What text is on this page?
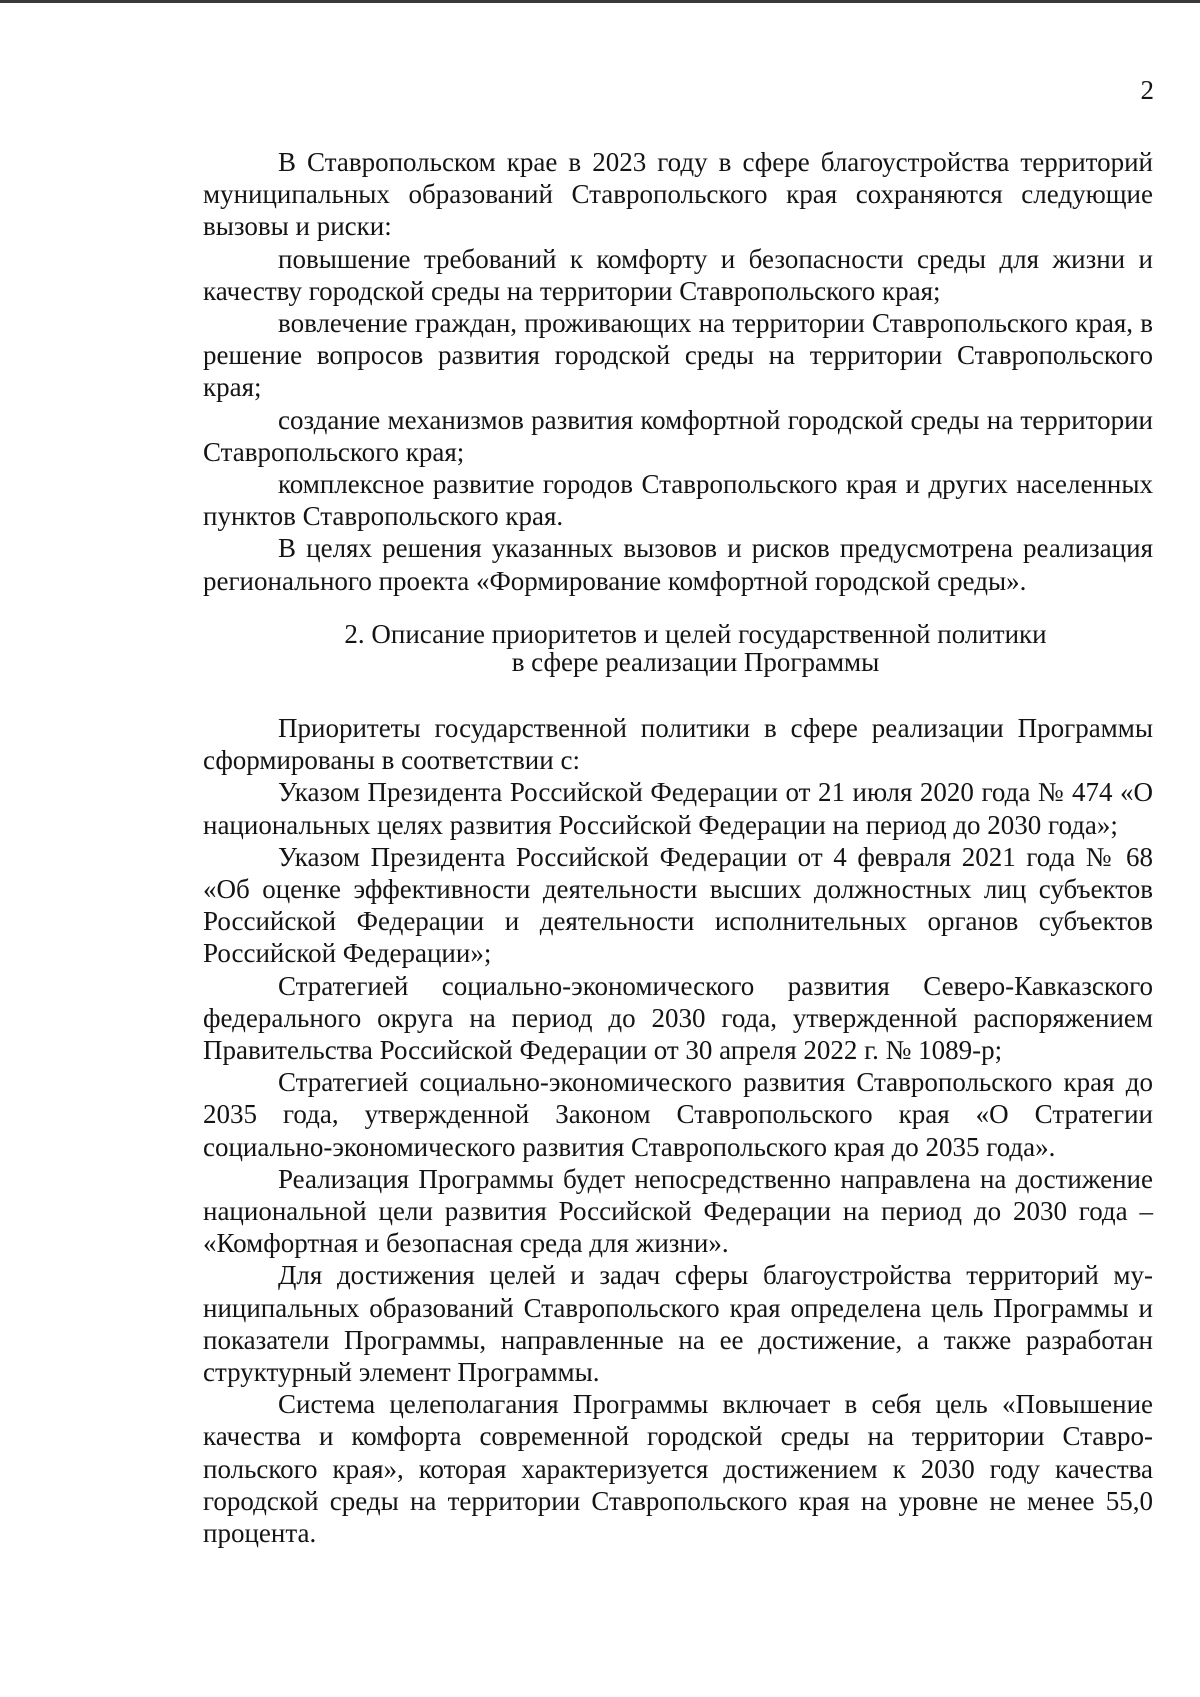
2

В Ставропольском крае в 2023 году в сфере благоустройства территорий муниципальных образований Ставропольского края сохраняются следующие вызовы и риски:

повышение требований к комфорту и безопасности среды для жизни и качеству городской среды на территории Ставропольского края;

вовлечение граждан, проживающих на территории Ставропольского края, в решение вопросов развития городской среды на территории Ставропольского края;

создание механизмов развития комфортной городской среды на территории Ставропольского края;

комплексное развитие городов Ставропольского края и других населенных пунктов Ставропольского края.

В целях решения указанных вызовов и рисков предусмотрена реализация регионального проекта «Формирование комфортной городской среды».

2. Описание приоритетов и целей государственной политики
в сфере реализации Программы

Приоритеты государственной политики в сфере реализации Программы сформированы в соответствии с:

Указом Президента Российской Федерации от 21 июля 2020 года № 474 «О национальных целях развития Российской Федерации на период до 2030 года»;

Указом Президента Российской Федерации от 4 февраля 2021 года № 68 «Об оценке эффективности деятельности высших должностных лиц субъектов Российской Федерации и деятельности исполнительных органов субъектов Российской Федерации»;

Стратегией социально-экономического развития Северо-Кавказского федерального округа на период до 2030 года, утвержденной распоряжением Правительства Российской Федерации от 30 апреля 2022 г. № 1089-р;

Стратегией социально-экономического развития Ставропольского края до 2035 года, утвержденной Законом Ставропольского края «О Стратегии социально-экономического развития Ставропольского края до 2035 года».

Реализация Программы будет непосредственно направлена на достижение национальной цели развития Российской Федерации на период до 2030 года – «Комфортная и безопасная среда для жизни».

Для достижения целей и задач сферы благоустройства территорий муниципальных образований Ставропольского края определена цель Программы и показатели Программы, направленные на ее достижение, а также разработан структурный элемент Программы.

Система целеполагания Программы включает в себя цель «Повышение качества и комфорта современной городской среды на территории Ставропольского края», которая характеризуется достижением к 2030 году качества городской среды на территории Ставропольского края на уровне не менее 55,0 процента.
